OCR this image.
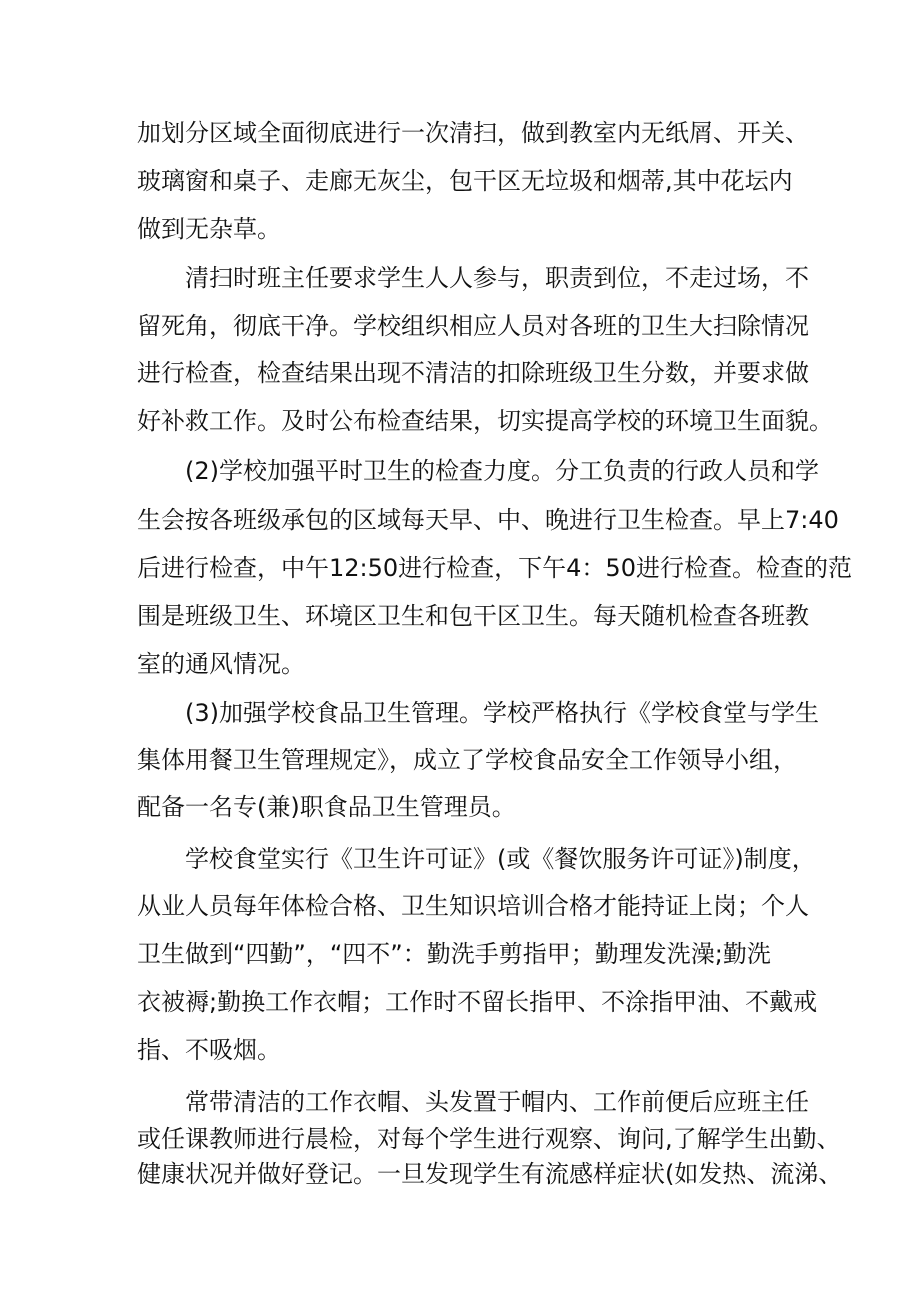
加划分区域全面彻底进行一次清扫，做到教室内无纸屑、开关、
玻璃窗和桌子、走廊无灰尘，包干区无垃圾和烟蒂,其中花坛内
做到无杂草。
清扫时班主任要求学生人人参与，职责到位，不走过场，不
留死角，彻底干净。学校组织相应人员对各班的卫生大扫除情况
进行检查，检查结果出现不清洁的扣除班级卫生分数，并要求做
好补救工作。及时公布检查结果，切实提高学校的环境卫生面貌。
(2)学校加强平时卫生的检查力度。分工负责的行政人员和学
生会按各班级承包的区域每天早、中、晚进行卫生检查。早上7:40
后进行检查，中午12:50进行检查，下午4：50进行检查。检查的范
围是班级卫生、环境区卫生和包干区卫生。每天随机检查各班教
室的通风情况。
(3)加强学校食品卫生管理。学校严格执行《学校食堂与学生
集体用餐卫生管理规定》，成立了学校食品安全工作领导小组，
配备一名专(兼)职食品卫生管理员。
学校食堂实行《卫生许可证》(或《餐饮服务许可证》)制度，
从业人员每年体检合格、卫生知识培训合格才能持证上岗；个人
卫生做到“四勤”，“四不”：勤洗手剪指甲；勤理发洗澡;勤洗
衣被褥;勤换工作衣帽；工作时不留长指甲、不涂指甲油、不戴戒
指、不吸烟。
常带清洁的工作衣帽、头发置于帽内、工作前便后应班主任
或任课教师进行晨检，对每个学生进行观察、询问,了解学生出勤、
健康状况并做好登记。一旦发现学生有流感样症状(如发热、流涕、
